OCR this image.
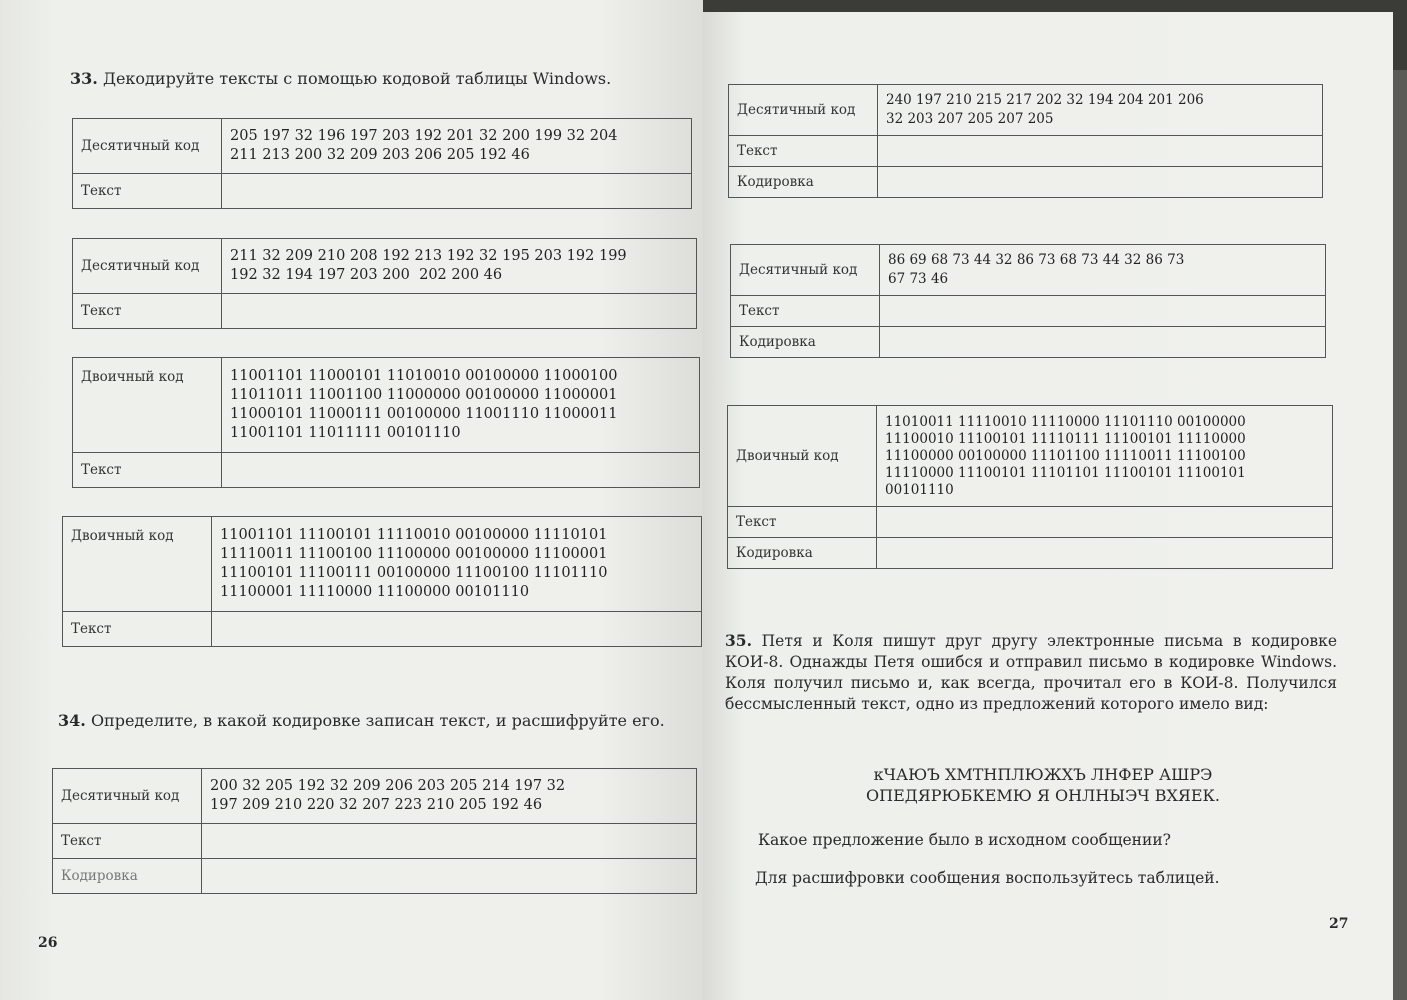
33. Декодируйте тексты с помощью кодовой таблицы Windows.
Десятичный код	205 197 32 196 197 203 192 201 32 200 199 32 204
211 213 200 32 209 203 206 205 192 46
Текст	
Десятичный код	211 32 209 210 208 192 213 192 32 195 203 192 199
192 32 194 197 203 200  202 200 46
Текст	
Двоичный код	11001101 11000101 11010010 00100000 11000100
11011011 11001100 11000000 00100000 11000001
11000101 11000111 00100000 11001110 11000011
11001101 11011111 00101110
Текст	
Двоичный код	11001101 11100101 11110010 00100000 11110101
11110011 11100100 11100000 00100000 11100001
11100101 11100111 00100000 11100100 11101110
11100001 11110000 11100000 00101110
Текст	
34. Определите, в какой кодировке записан текст, и расшифруйте его.
Десятичный код	200 32 205 192 32 209 206 203 205 214 197 32
197 209 210 220 32 207 223 210 205 192 46
Текст	
Кодировка	
26
Десятичный код	240 197 210 215 217 202 32 194 204 201 206
32 203 207 205 207 205
Текст	
Кодировка	
Десятичный код	86 69 68 73 44 32 86 73 68 73 44 32 86 73
67 73 46
Текст	
Кодировка	
Двоичный код	11010011 11110010 11110000 11101110 00100000
11100010 11100101 11110111 11100101 11110000
11100000 00100000 11101100 11110011 11100100
11110000 11100101 11101101 11100101 11100101
00101110
Текст	
Кодировка	
35. Петя и Коля пишут друг другу электронные письма в кодировке КОИ-8. Однажды Петя ошибся и отправил письмо в кодировке Windows. Коля получил письмо и, как всегда, прочитал его в КОИ-8. Получился бессмысленный текст, одно из предложений которого имело вид:
кЧАЮЪ ХМТНПЛЮЖХЪ ЛНФЕР АШРЭ
ОПЕДЯРЮБКЕМЮ Я ОНЛНЫЭЧ ВХЯЕК.
Какое предложение было в исходном сообщении?
Для расшифровки сообщения воспользуйтесь таблицей.
27
